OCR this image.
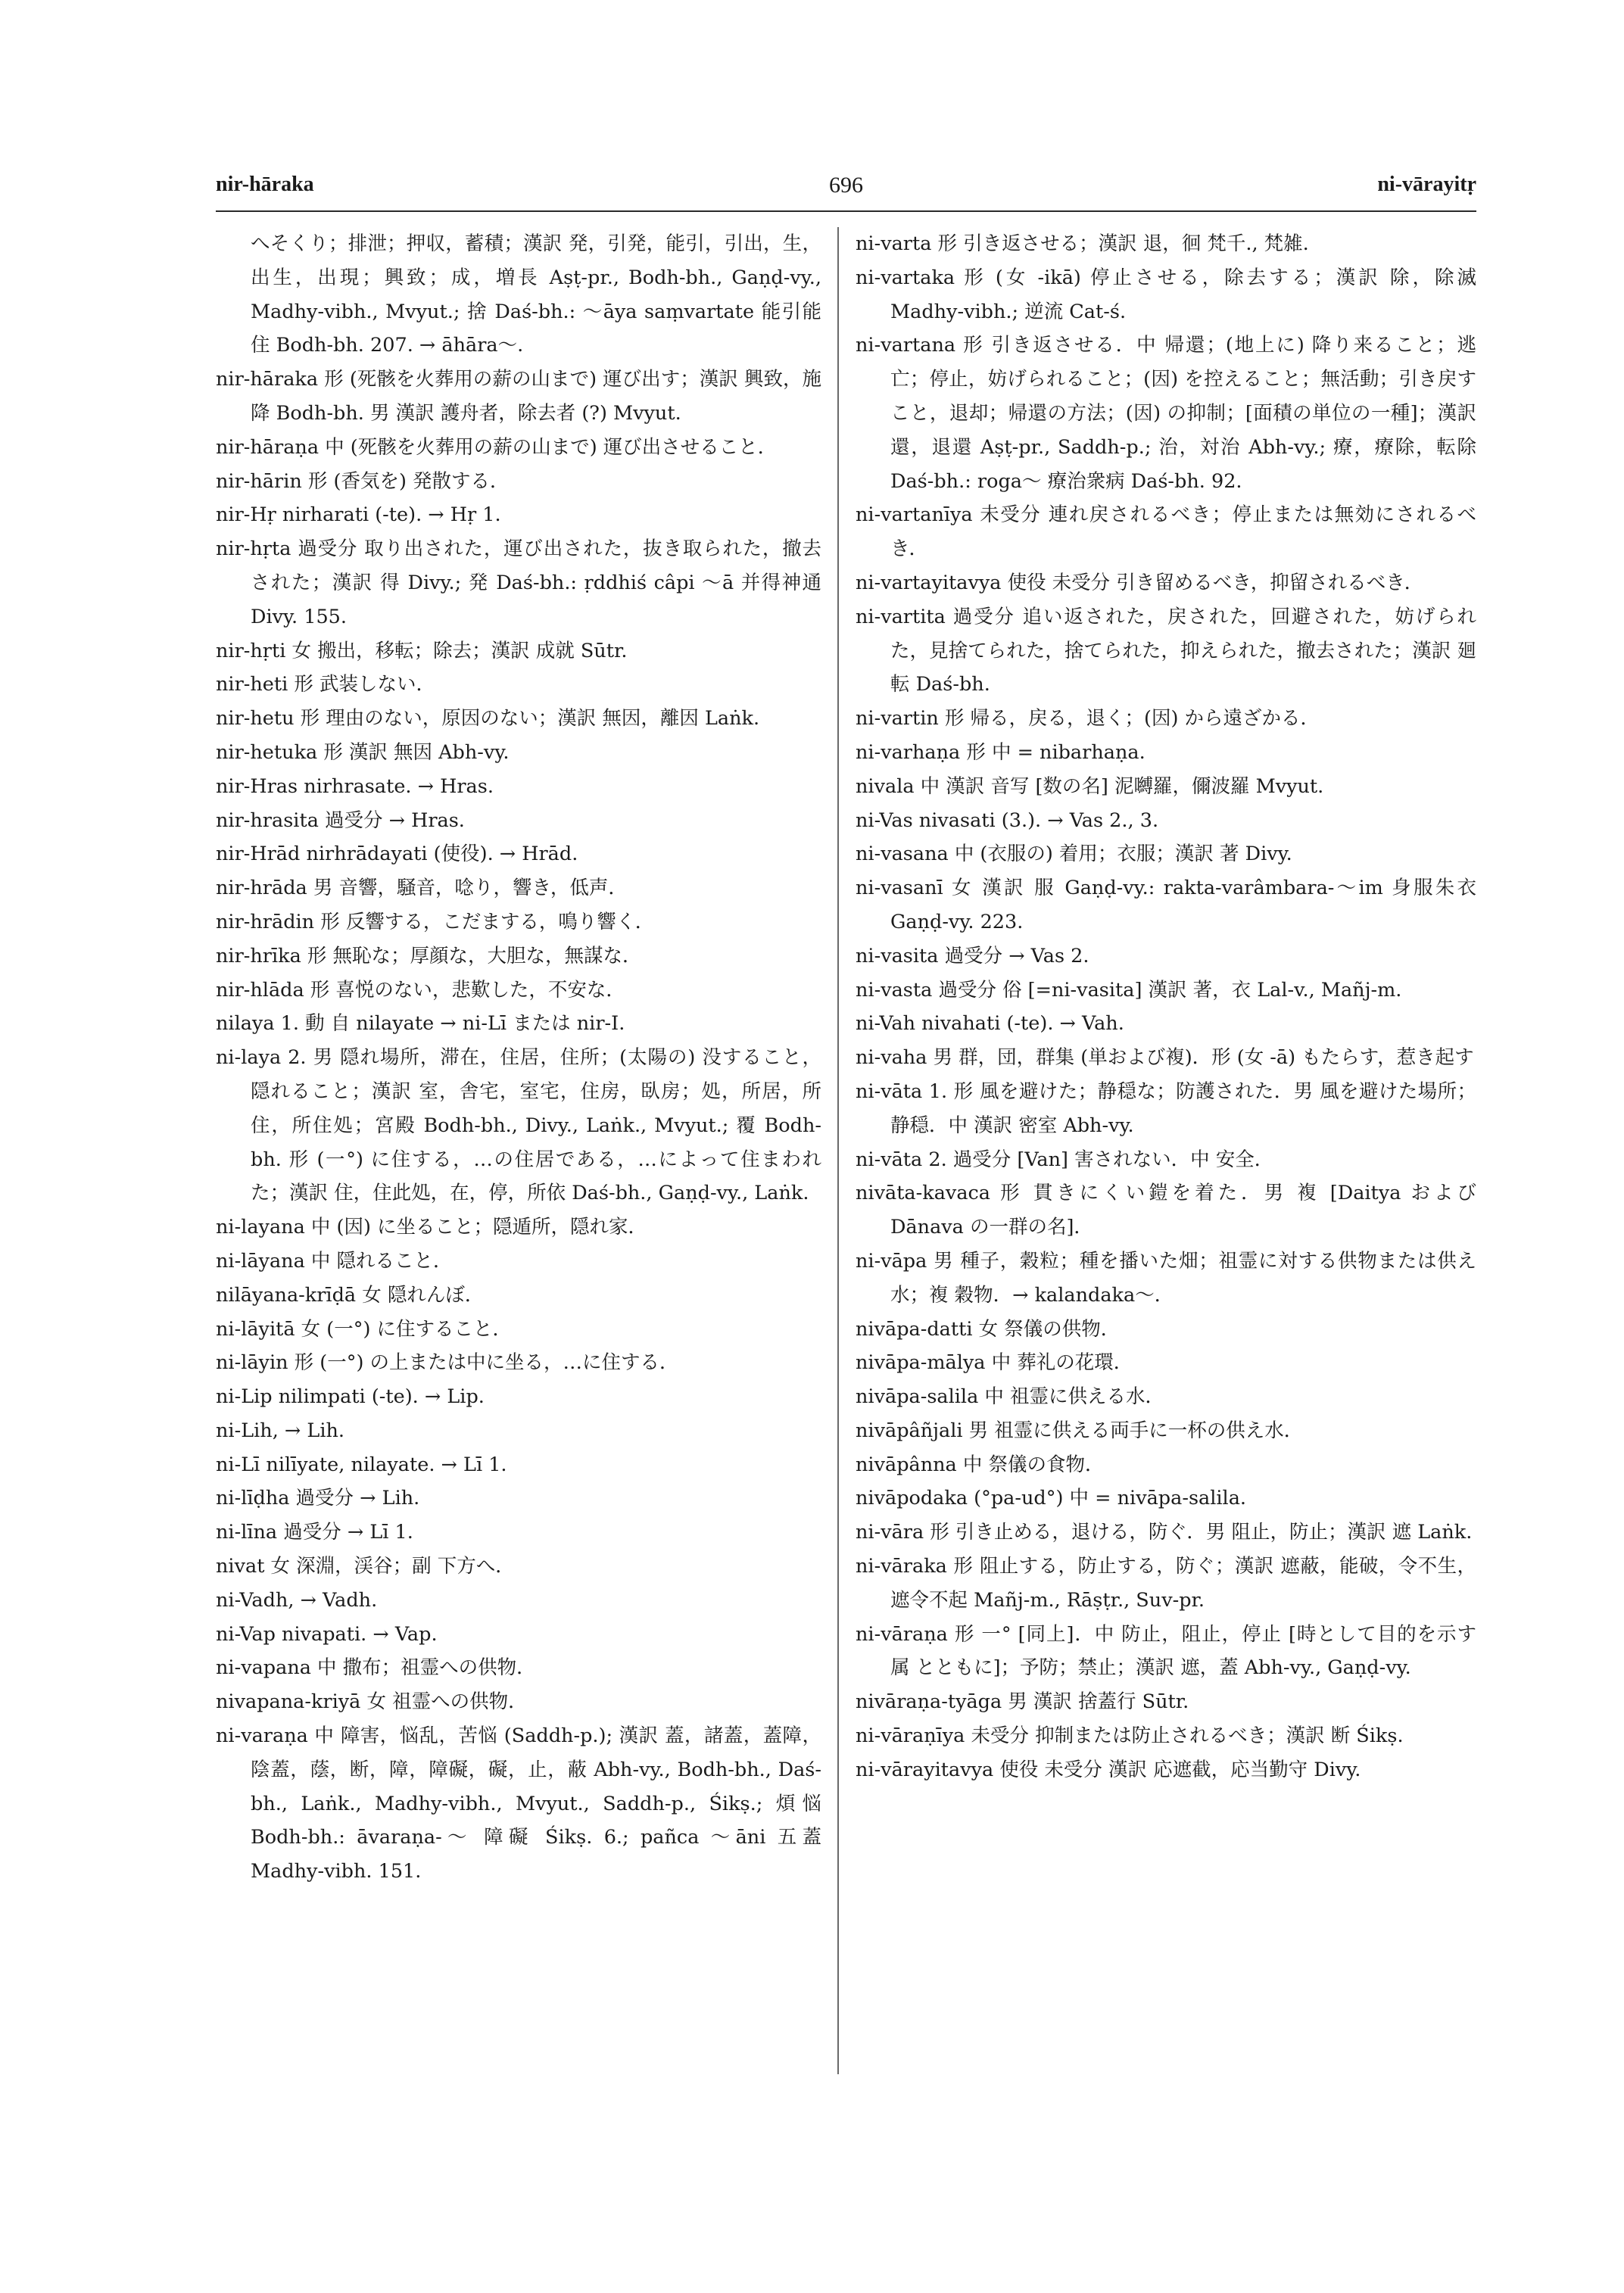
nir-hāraka	696	ni-vārayitṛ
へそくり；排泄；押収，蓄積；漢訳 発，引発，能引，引出，生，出生，出現；興致；成，増長 Aṣṭ-pr., Bodh-bh., Gaṇḍ-vy., Madhy-vibh., Mvyut.; 捨 Daś-bh.: ～āya saṃvartate 能引能住 Bodh-bh. 207. → āhāra～.
nir-hāraka 形 (死骸を火葬用の薪の山まで) 運び出す；漢訳 興致，施降 Bodh-bh. 男 漢訳 護舟者，除去者 (?) Mvyut.
nir-hāraṇa 中 (死骸を火葬用の薪の山まで) 運び出させること．
nir-hārin 形 (香気を) 発散する．
nir-Hṛ nirharati (-te). → Hṛ 1.
nir-hṛta 過受分 取り出された，運び出された，抜き取られた，撤去された；漢訳 得 Divy.; 発 Daś-bh.: ṛddhiś câpi ～ā 并得神通 Divy. 155.
nir-hṛti 女 搬出，移転；除去；漢訳 成就 Sūtr.
nir-heti 形 武装しない．
nir-hetu 形 理由のない，原因のない；漢訳 無因，離因 Laṅk.
nir-hetuka 形 漢訳 無因 Abh-vy.
nir-Hras nirhrasate. → Hras.
nir-hrasita 過受分 → Hras.
nir-Hrād nirhrādayati (使役). → Hrād.
nir-hrāda 男 音響，騒音，唸り，響き，低声．
nir-hrādin 形 反響する，こだまする，鳴り響く．
nir-hrīka 形 無恥な；厚顔な，大胆な，無謀な．
nir-hlāda 形 喜悦のない，悲歎した，不安な．
nilaya 1. 動 自 nilayate → ni-Lī または nir-I.
ni-laya 2. 男 隠れ場所，滞在，住居，住所；(太陽の) 没すること，隠れること；漢訳 室，舎宅，室宅，住房，臥房；処，所居，所住，所住処；宮殿 Bodh-bh., Divy., Laṅk., Mvyut.; 覆 Bodh-bh. 形 (一°) に住する，…の住居である，…によって住まわれた；漢訳 住，住此処，在，停，所依 Daś-bh., Gaṇḍ-vy., Laṅk.
ni-layana 中 (因) に坐ること；隠遁所，隠れ家．
ni-lāyana 中 隠れること．
nilāyana-krīḍā 女 隠れんぼ．
ni-lāyitā 女 (一°) に住すること．
ni-lāyin 形 (一°) の上または中に坐る，…に住する．
ni-Lip nilimpati (-te). → Lip.
ni-Lih, → Lih.
ni-Lī nilīyate, nilayate. → Lī 1.
ni-līḍha 過受分 → Lih.
ni-līna 過受分 → Lī 1.
nivat 女 深淵，渓谷；副 下方へ．
ni-Vadh, → Vadh.
ni-Vap nivapati. → Vap.
ni-vapana 中 撒布；祖霊への供物．
nivapana-kriyā 女 祖霊への供物．
ni-varaṇa 中 障害，悩乱，苦悩 (Saddh-p.); 漢訳 蓋，諸蓋，蓋障，陰蓋，蔭，断，障，障礙，礙，止，蔽 Abh-vy., Bodh-bh., Daś-bh., Laṅk., Madhy-vibh., Mvyut., Saddh-p., Śikṣ.; 煩悩 Bodh-bh.: āvaraṇa-～ 障礙 Śikṣ. 6.; pañca ～āni 五蓋 Madhy-vibh. 151.
ni-varta 形 引き返させる；漢訳 退，徊 梵千., 梵雑.
ni-vartaka 形 (女 -ikā) 停止させる，除去する；漢訳 除，除滅 Madhy-vibh.; 逆流 Cat-ś.
ni-vartana 形 引き返させる．中 帰還；(地上に) 降り来ること；逃亡；停止，妨げられること；(因) を控えること；無活動；引き戻すこと，退却；帰還の方法；(因) の抑制；[面積の単位の一種]；漢訳 還，退還 Aṣṭ-pr., Saddh-p.; 治，対治 Abh-vy.; 療，療除，転除 Daś-bh.: roga～ 療治衆病 Daś-bh. 92.
ni-vartanīya 未受分 連れ戻されるべき；停止または無効にされるべき．
ni-vartayitavya 使役 未受分 引き留めるべき，抑留されるべき．
ni-vartita 過受分 追い返された，戻された，回避された，妨げられた，見捨てられた，捨てられた，抑えられた，撤去された；漢訳 廻転 Daś-bh.
ni-vartin 形 帰る，戻る，退く；(因) から遠ざかる．
ni-varhaṇa 形 中 = nibarhaṇa.
nivala 中 漢訳 音写 [数の名] 泥嚩羅，儞波羅 Mvyut.
ni-Vas nivasati (3.). → Vas 2., 3.
ni-vasana 中 (衣服の) 着用；衣服；漢訳 著 Divy.
ni-vasanī 女 漢訳 服 Gaṇḍ-vy.: rakta-varâmbara-～im 身服朱衣 Gaṇḍ-vy. 223.
ni-vasita 過受分 → Vas 2.
ni-vasta 過受分 俗 [=ni-vasita] 漢訳 著，衣 Lal-v., Mañj-m.
ni-Vah nivahati (-te). → Vah.
ni-vaha 男 群，団，群集 (単および複)．形 (女 -ā) もたらす，惹き起す
ni-vāta 1. 形 風を避けた；静穏な；防護された．男 風を避けた場所；静穏．中 漢訳 密室 Abh-vy.
ni-vāta 2. 過受分 [Van] 害されない．中 安全．
nivāta-kavaca 形 貫きにくい鎧を着た．男 複 [Daitya および Dānava の一群の名]．
ni-vāpa 男 種子，穀粒；種を播いた畑；祖霊に対する供物または供え水；複 穀物．→ kalandaka～．
nivāpa-datti 女 祭儀の供物．
nivāpa-mālya 中 葬礼の花環．
nivāpa-salila 中 祖霊に供える水．
nivāpâñjali 男 祖霊に供える両手に一杯の供え水．
nivāpânna 中 祭儀の食物．
nivāpodaka (°pa-ud°) 中 = nivāpa-salila.
ni-vāra 形 引き止める，退ける，防ぐ．男 阻止，防止；漢訳 遮 Laṅk.
ni-vāraka 形 阻止する，防止する，防ぐ；漢訳 遮蔽，能破，令不生，遮令不起 Mañj-m., Rāṣṭr., Suv-pr.
ni-vāraṇa 形 一° [同上]．中 防止，阻止，停止 [時として目的を示す 属 とともに]；予防；禁止；漢訳 遮，蓋 Abh-vy., Gaṇḍ-vy.
nivāraṇa-tyāga 男 漢訳 捨蓋行 Sūtr.
ni-vāraṇīya 未受分 抑制または防止されるべき；漢訳 断 Śikṣ.
ni-vārayitavya 使役 未受分 漢訳 応遮截，応当勤守 Divy.
